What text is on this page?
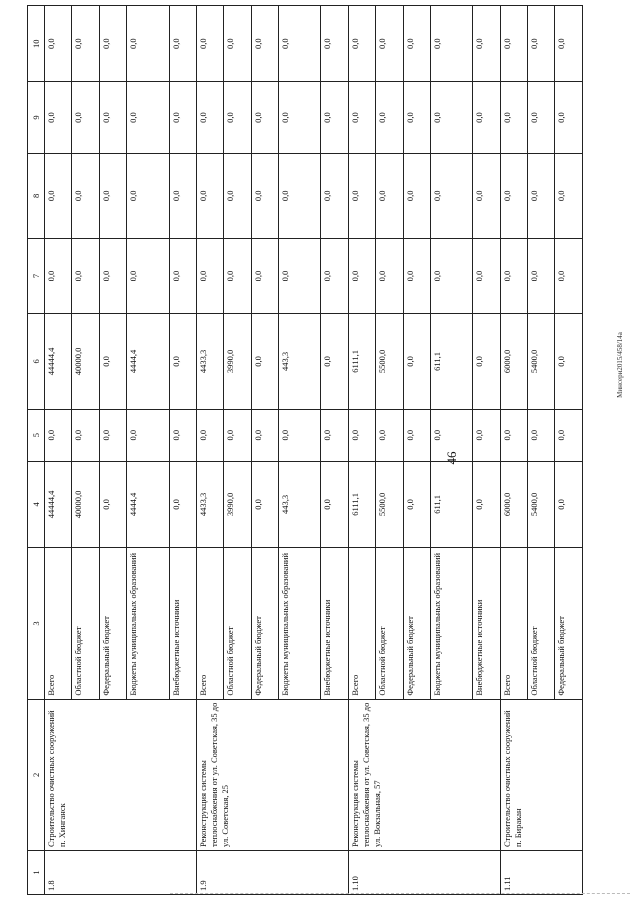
46
Минсери2015/458/14а
1	2	3	4	5	6	7	8	9	10
1.8	Строительство очистных сооружений п. Хинганск	Всего	44444,4	0,0	44444,4	0,0	0,0	0,0	0,0
		Областной бюджет	40000,0	0,0	40000,0	0,0	0,0	0,0	0,0
		Федеральный бюджет	0,0	0,0	0,0	0,0	0,0	0,0	0,0
		Бюджеты муниципальных образований	4444,4	0,0	4444,4	0,0	0,0	0,0	0,0
		Внебюджетные источники	0,0	0,0	0,0	0,0	0,0	0,0	0,0
1.9	Реконструкция системы теплоснабжения от ул. Советская, 35 до ул. Советская, 25	Всего	4433,3	0,0	4433,3	0,0	0,0	0,0	0,0
		Областной бюджет	3990,0	0,0	3990,0	0,0	0,0	0,0	0,0
		Федеральный бюджет	0,0	0,0	0,0	0,0	0,0	0,0	0,0
		Бюджеты муниципальных образований	443,3	0,0	443,3	0,0	0,0	0,0	0,0
		Внебюджетные источники	0,0	0,0	0,0	0,0	0,0	0,0	0,0
1.10	Реконструкция системы теплоснабжения от ул. Советская, 35 до ул. Вокзальная, 57	Всего	6111,1	0,0	6111,1	0,0	0,0	0,0	0,0
		Областной бюджет	5500,0	0,0	5500,0	0,0	0,0	0,0	0,0
		Федеральный бюджет	0,0	0,0	0,0	0,0	0,0	0,0	0,0
		Бюджеты муниципальных образований	611,1	0,0	611,1	0,0	0,0	0,0	0,0
		Внебюджетные источники	0,0	0,0	0,0	0,0	0,0	0,0	0,0
1.11	Строительство очистных сооружений п. Биракан	Всего	6000,0	0,0	6000,0	0,0	0,0	0,0	0,0
		Областной бюджет	5400,0	0,0	5400,0	0,0	0,0	0,0	0,0
		Федеральный бюджет	0,0	0,0	0,0	0,0	0,0	0,0	0,0
